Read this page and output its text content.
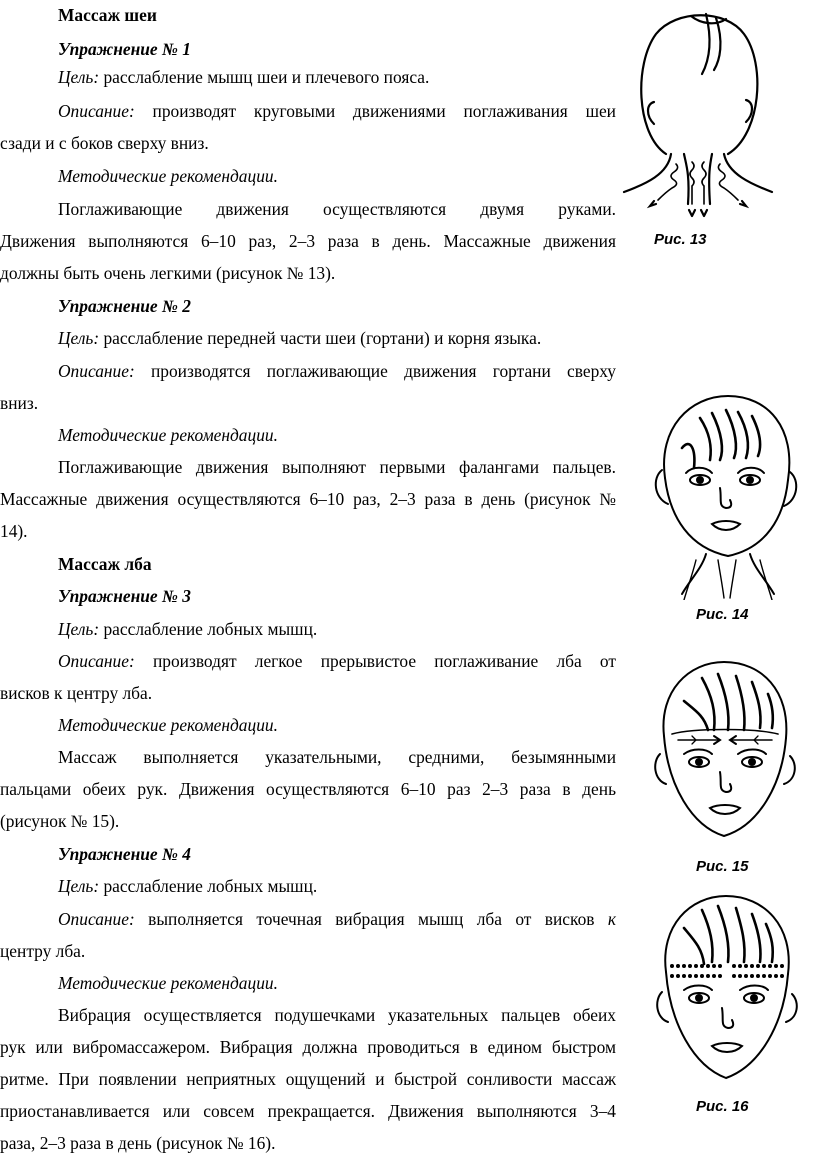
Массаж шеи
Упражнение № 1
Цель: расслабление мышц шеи и плечевого пояса.
Описание: производят круговыми движениями поглаживания шеи
сзади и с боков сверху вниз.
Методические рекомендации.
Поглаживающие движения осуществляются двумя руками.
Движения выполняются 6–10 раз, 2–3 раза в день. Массажные движения
должны быть очень легкими (рисунок № 13).
Упражнение № 2
Цель: расслабление передней части шеи (гортани) и корня языка.
Описание: производятся поглаживающие движения гортани сверху
вниз.
Методические рекомендации.
Поглаживающие движения выполняют первыми фалангами пальцев.
Массажные движения осуществляются 6–10 раз, 2–3 раза в день (рисунок №
14).
Массаж лба
Упражнение № 3
Цель: расслабление лобных мышц.
Описание: производят легкое прерывистое поглаживание лба от
висков к центру лба.
Методические рекомендации.
Массаж выполняется указательными, средними, безымянными
пальцами обеих рук. Движения осуществляются 6–10 раз 2–3 раза в день
(рисунок № 15).
Упражнение № 4
Цель: расслабление лобных мышц.
Описание: выполняется точечная вибрация мышц лба от висков к
центру лба.
Методические рекомендации.
Вибрация осуществляется подушечками указательных пальцев обеих
рук или вибромассажером. Вибрация должна проводиться в едином быстром
ритме. При появлении неприятных ощущений и быстрой сонливости массаж
приостанавливается или совсем прекращается. Движения выполняются 3–4
раза, 2–3 раза в день (рисунок № 16).
Рис. 13
Рис. 14
Рис. 15
Рис. 16
